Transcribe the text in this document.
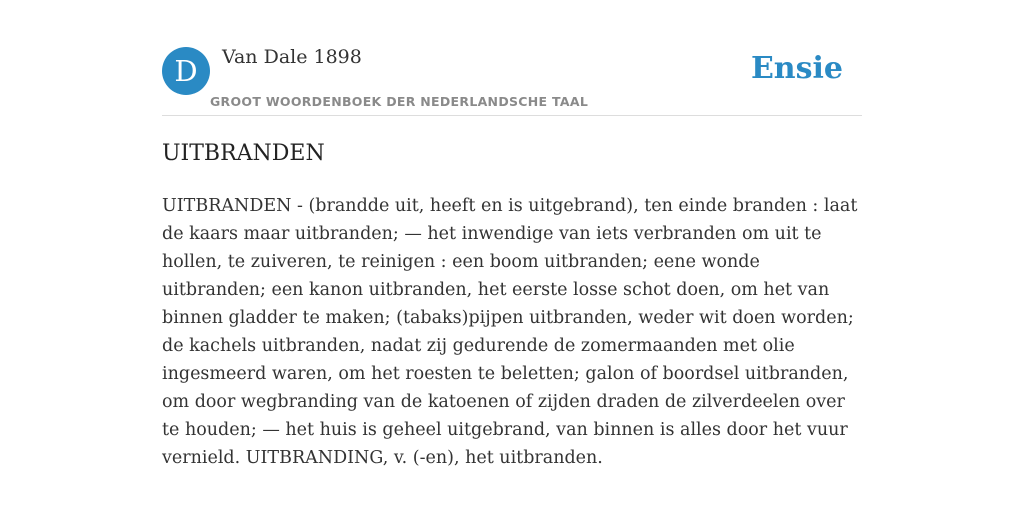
D	Van Dale 1898
GROOT WOORDENBOEK DER NEDERLANDSCHE TAAL
Ensie
UITBRANDEN

UITBRANDEN - (brandde uit, heeft en is uitgebrand), ten einde branden : laat de kaars maar uitbranden; — het inwendige van iets verbranden om uit te hollen, te zuiveren, te reinigen : een boom uitbranden; eene wonde uitbranden; een kanon uitbranden, het eerste losse schot doen, om het van binnen gladder te maken; (tabaks)pijpen uitbranden, weder wit doen worden; de kachels uitbranden, nadat zij gedurende de zomermaanden met olie ingesmeerd waren, om het roesten te beletten; galon of boordsel uitbranden, om door wegbranding van de katoenen of zijden draden de zilverdeelen over te houden; — het huis is geheel uitgebrand, van binnen is alles door het vuur vernield. UITBRANDING, v. (-en), het uitbranden.
